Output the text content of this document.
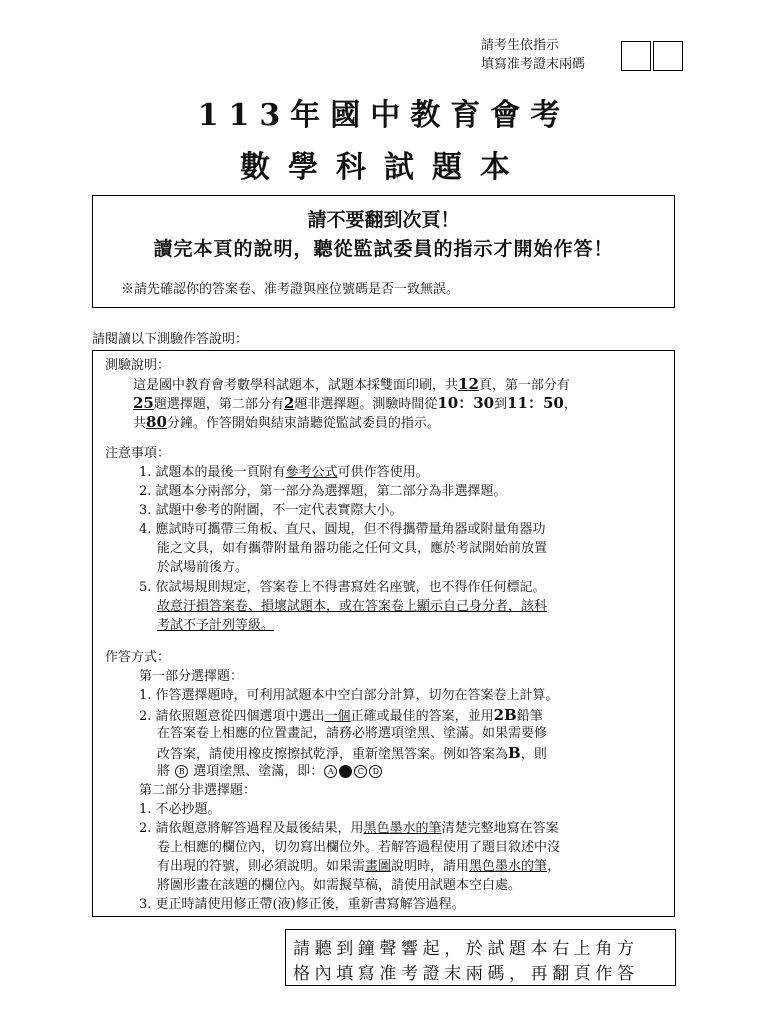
請考生依指示
填寫准考證末兩碼
113年國中教育會考
數學科試題本
請不要翻到次頁！
讀完本頁的說明，聽從監試委員的指示才開始作答！
※請先確認你的答案卷、准考證與座位號碼是否一致無誤。
請閱讀以下測驗作答說明：
測驗說明：
這是國中教育會考數學科試題本，試題本採雙面印刷，共12頁，第一部分有
25題選擇題，第二部分有2題非選擇題。測驗時間從10：30到11：50，
共80分鐘。作答開始與結束請聽從監試委員的指示。
注意事項：
1. 試題本的最後一頁附有參考公式可供作答使用。
2. 試題本分兩部分，第一部分為選擇題，第二部分為非選擇題。
3. 試題中參考的附圖，不一定代表實際大小。
4. 應試時可攜帶三角板、直尺、圓規，但不得攜帶量角器或附量角器功
能之文具，如有攜帶附量角器功能之任何文具，應於考試開始前放置
於試場前後方。
5. 依試場規則規定，答案卷上不得書寫姓名座號，也不得作任何標記。
故意汙損答案卷、損壞試題本，或在答案卷上顯示自己身分者，該科
考試不予計列等級。
作答方式：
第一部分選擇題：
1. 作答選擇題時，可利用試題本中空白部分計算，切勿在答案卷上計算。
2. 請依照題意從四個選項中選出一個正確或最佳的答案，並用2B鉛筆
在答案卷上相應的位置畫記，請務必將選項塗黑、塗滿。如果需要修
改答案，請使用橡皮擦擦拭乾淨，重新塗黑答案。例如答案為B，則
將 B 選項塗黑、塗滿，即： A	C D
第二部分非選擇題：
1. 不必抄題。
2. 請依題意將解答過程及最後結果，用黑色墨水的筆清楚完整地寫在答案
卷上相應的欄位內，切勿寫出欄位外。若解答過程使用了題目敘述中沒
有出現的符號，則必須說明。如果需畫圖說明時，請用黑色墨水的筆，
將圖形畫在該題的欄位內。如需擬草稿，請使用試題本空白處。
3. 更正時請使用修正帶(液)修正後，重新書寫解答過程。
請聽到鐘聲響起，於試題本右上角方
格內填寫准考證末兩碼，再翻頁作答
